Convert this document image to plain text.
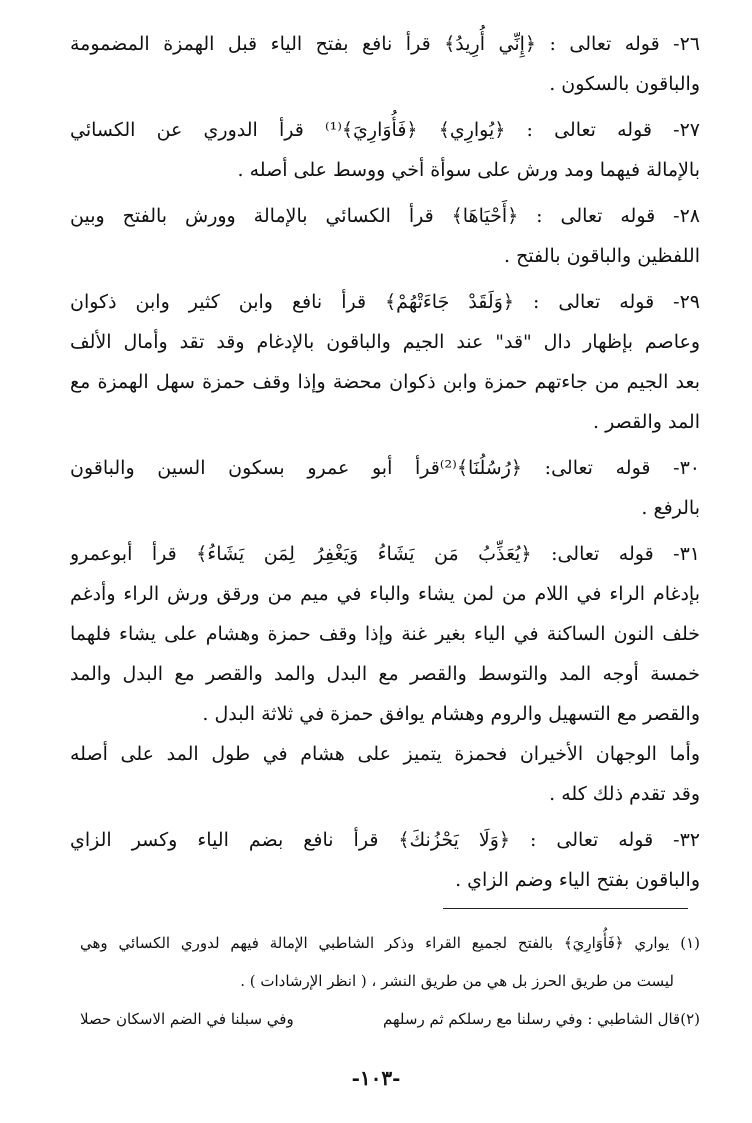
٢٦- قوله تعالى : ﴿إِنِّي أُرِيدُ﴾ قرأ نافع بفتح الياء قبل الهمزة المضمومة
والباقون بالسكون .
٢٧- قوله تعالى : ﴿يُوارِي﴾ ﴿فَأُوَارِيَ﴾⁽¹⁾ قرأ الدوري عن الكسائي
بالإمالة فيهما ومد ورش على سوأة أخي ووسط على أصله .
٢٨- قوله تعالى : ﴿أَحْيَاهَا﴾ قرأ الكسائي بالإمالة وورش بالفتح وبين
اللفظين والباقون بالفتح .
٢٩- قوله تعالى : ﴿وَلَقَدْ جَاءَتْهُمْ﴾ قرأ نافع وابن كثير وابن ذكوان
وعاصم بإظهار دال "قد" عند الجيم والباقون بالإدغام وقد تقد وأمال الألف
بعد الجيم من جاءتهم حمزة وابن ذكوان محضة وإذا وقف حمزة سهل الهمزة مع
المد والقصر .
٣٠- قوله تعالى: ﴿رُسُلُنَا﴾⁽²⁾قرأ أبو عمرو بسكون السين والباقون
بالرفع .
٣١- قوله تعالى: ﴿يُعَذِّبُ مَن يَشَاءُ وَيَغْفِرُ لِمَن يَشَاءُ﴾ قرأ أبوعمرو
بإدغام الراء في اللام من لمن يشاء والباء في ميم من ورقق ورش الراء وأدغم
خلف النون الساكنة في الياء بغير غنة وإذا وقف حمزة وهشام على يشاء فلهما
خمسة أوجه المد والتوسط والقصر مع البدل والمد والقصر مع البدل والمد
والقصر مع التسهيل والروم وهشام يوافق حمزة في ثلاثة البدل .
وأما الوجهان الأخيران فحمزة يتميز على هشام في طول المد على أصله
وقد تقدم ذلك كله .
٣٢- قوله تعالى : ﴿وَلَا يَحْزُنكَ﴾ قرأ نافع بضم الياء وكسر الزاي
والباقون بفتح الياء وضم الزاي .
(١) يواري ﴿فَأُوَارِيَ﴾ بالفتح لجميع القراء وذكر الشاطبي الإمالة فيهم لدوري الكسائي وهي
ليست من طريق الحرز بل هي من طريق النشر ، ( انظر الإرشادات ) .
(٢)قال الشاطبي : وفي رسلنا مع رسلكم ثم رسلهم
وفي سبلنا في الضم الاسكان حصلا
-١٠٣-
